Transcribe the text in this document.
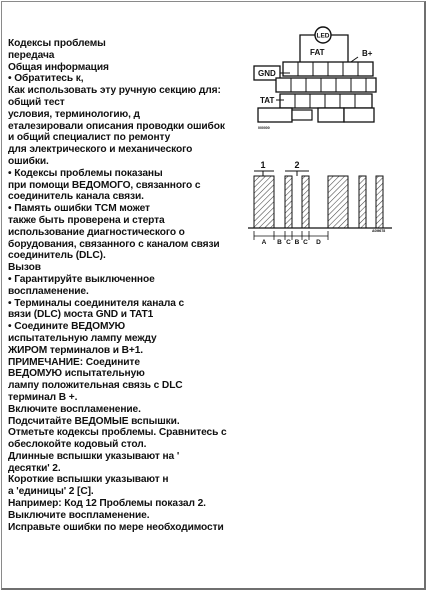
Кодексы проблемы
передача
Общая информация
• Обратитесь к,
Как использовать эту ручную секцию для:
общий тест
условия, терминологию, д
еталезировали описания проводки ошибок
и общий специалист по ремонту
для электрического и механического
ошибки.
• Кодексы проблемы показаны
при помощи ВЕДОМОГО, связанного с
соединитель канала связи.
• Память ошибки TCM может
также быть проверена и стерта
использование диагностического о
борудования, связанного с каналом связи
соединитель (DLC).
Вызов
• Гарантируйте выключенное
воспламенение.
• Терминалы соединителя канала с
вязи (DLC) моста GND и TAT1
• Соедините ВЕДОМУЮ
испытательную лампу между
ЖИРОМ терминалов и B+1.
ПРИМЕЧАНИЕ: Соедините
ВЕДОМУЮ испытательную
лампу положительная связь с DLC
терминал B +.
Включите воспламенение.
Подсчитайте ВЕДОМЫЕ вспышки.
Отметьте кодексы проблемы. Сравнитесь с
обеслокойте кодовый стол.
Длинные вспышки указывают на '
десятки' 2.
Короткие вспышки указывают н
а 'единицы' 2 [C].
Например: Код 12 Проблемы показал 2.
Выключите воспламенение.
Исправьте ошибки по мере необходимости
LED
FAT	B+
GND
TAT
000000
1	2
A B C B C D
A0M678
